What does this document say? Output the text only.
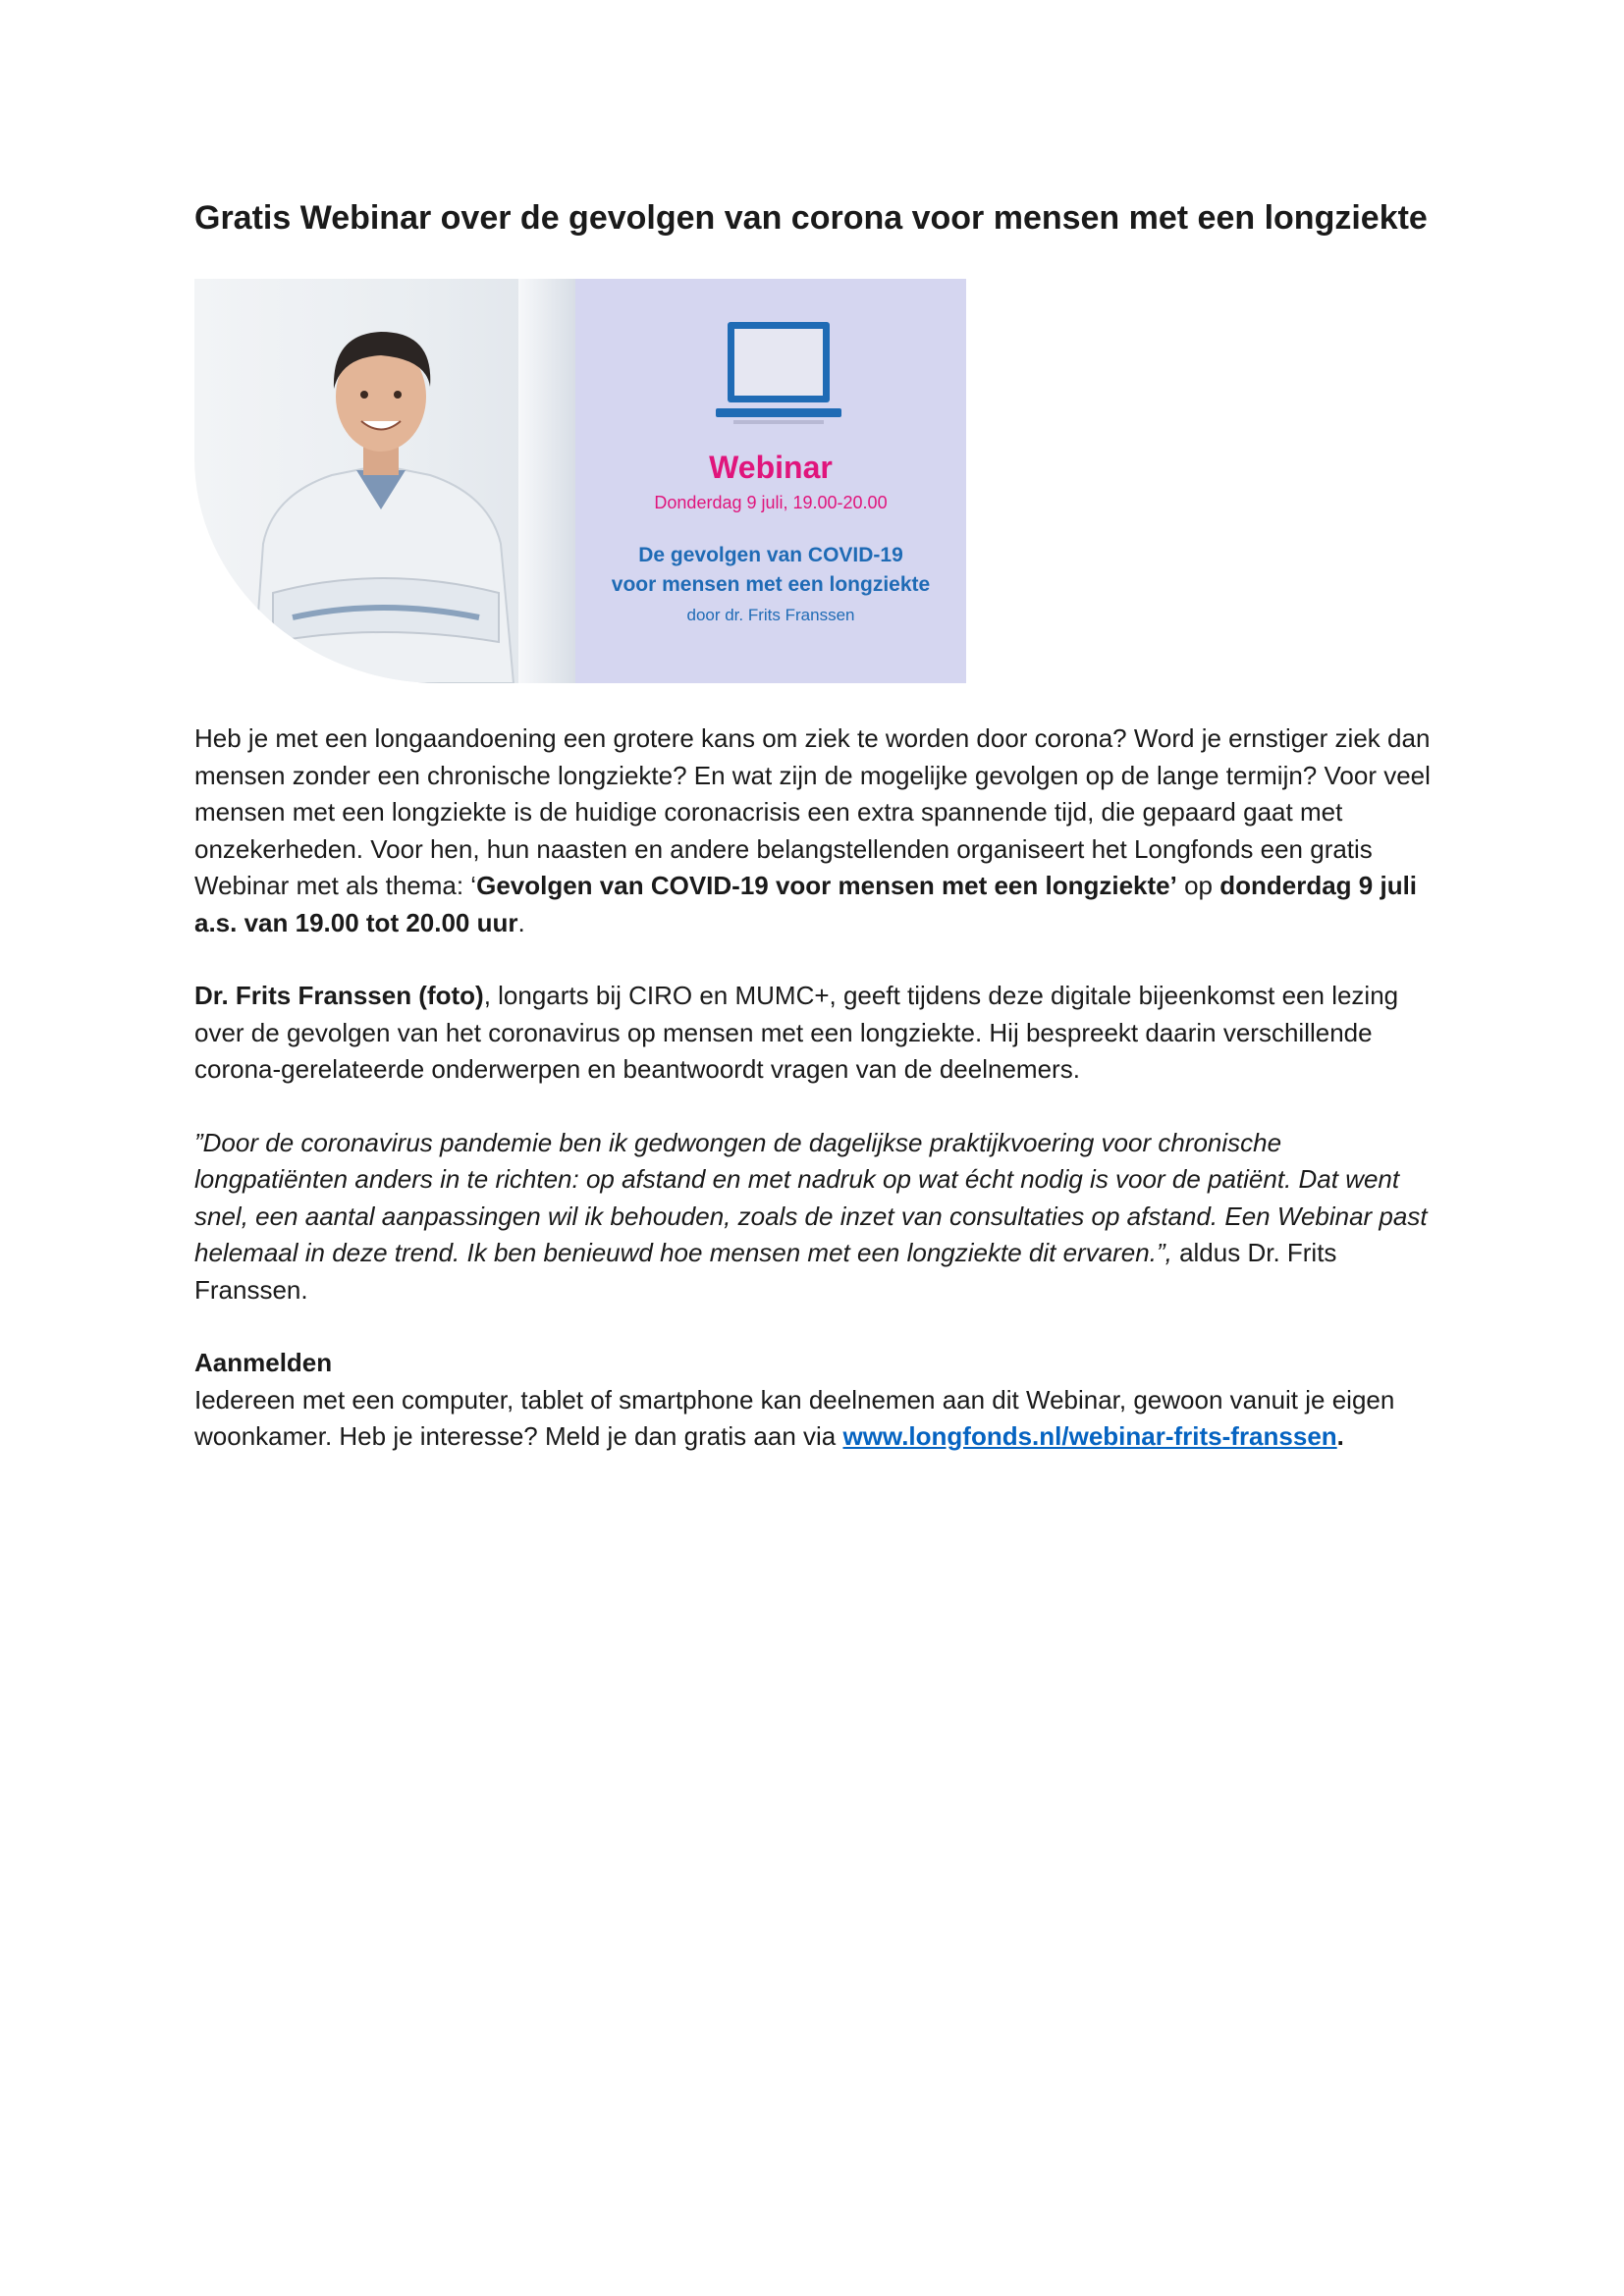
Gratis Webinar over de gevolgen van corona voor mensen met een longziekte
Webinar
Donderdag 9 juli, 19.00-20.00
De gevolgen van COVID-19
voor mensen met een longziekte
door dr. Frits Franssen

Heb je met een longaandoening een grotere kans om ziek te worden door corona? Word je ernstiger ziek dan mensen zonder een chronische longziekte? En wat zijn de mogelijke gevolgen op de lange termijn? Voor veel mensen met een longziekte is de huidige coronacrisis een extra spannende tijd, die gepaard gaat met onzekerheden. Voor hen, hun naasten en andere belangstellenden organiseert het Longfonds een gratis Webinar met als thema: ‘Gevolgen van COVID-19 voor mensen met een longziekte’ op donderdag 9 juli a.s. van 19.00 tot 20.00 uur.

Dr. Frits Franssen (foto), longarts bij CIRO en MUMC+, geeft tijdens deze digitale bijeenkomst een lezing over de gevolgen van het coronavirus op mensen met een longziekte. Hij bespreekt daarin verschillende corona-gerelateerde onderwerpen en beantwoordt vragen van de deelnemers.

”Door de coronavirus pandemie ben ik gedwongen de dagelijkse praktijkvoering voor chronische longpatiënten anders in te richten: op afstand en met nadruk op wat écht nodig is voor de patiënt. Dat went snel, een aantal aanpassingen wil ik behouden, zoals de inzet van consultaties op afstand. Een Webinar past helemaal in deze trend. Ik ben benieuwd hoe mensen met een longziekte dit ervaren.”, aldus Dr. Frits Franssen.

Aanmelden
Iedereen met een computer, tablet of smartphone kan deelnemen aan dit Webinar, gewoon vanuit je eigen woonkamer. Heb je interesse? Meld je dan gratis aan via www.longfonds.nl/webinar-frits-franssen.
